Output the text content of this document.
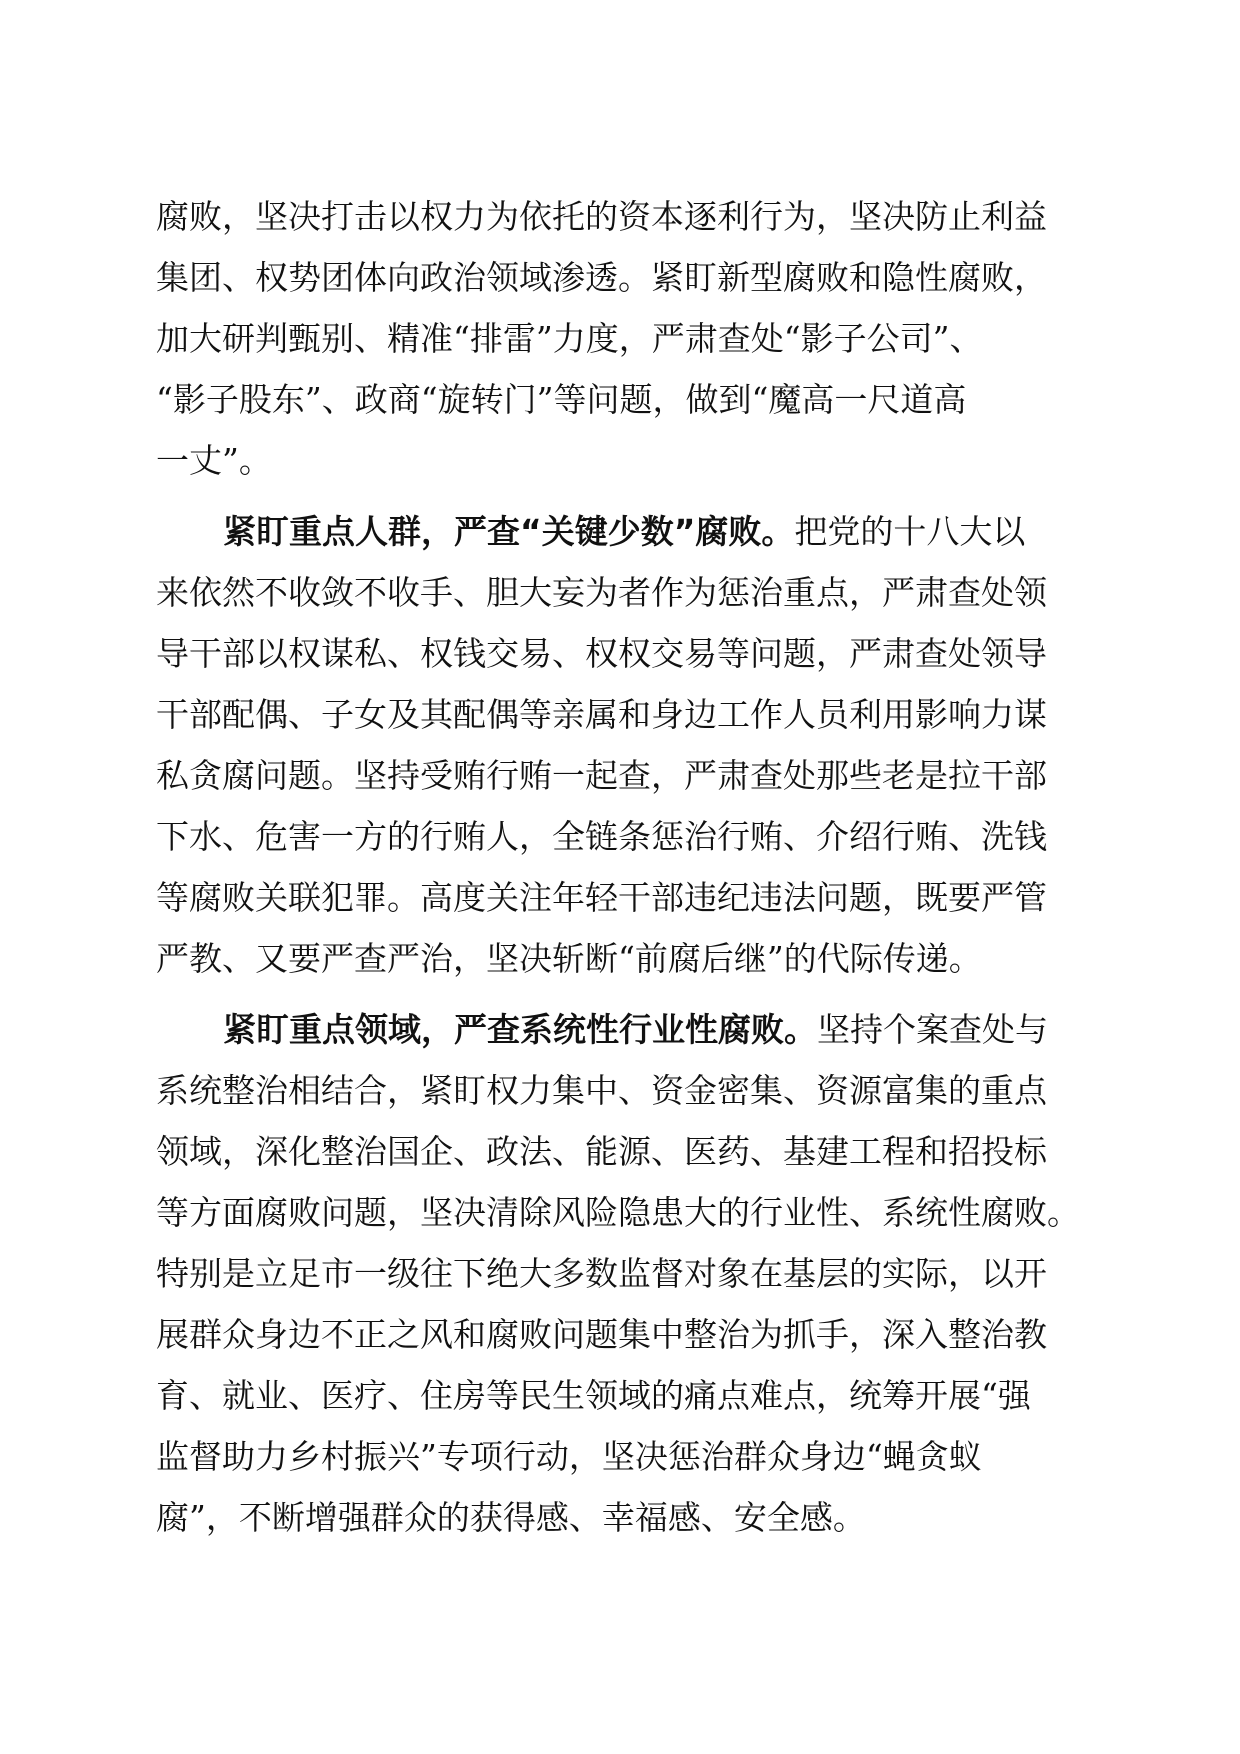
腐败，坚决打击以权力为依托的资本逐利行为，坚决防止利益
集团、权势团体向政治领域渗透。紧盯新型腐败和隐性腐败，
加大研判甄别、精准“排雷”力度，严肃查处“影子公司”、
“影子股东”、政商“旋转门”等问题，做到“魔高一尺道高
一丈”。
紧盯重点人群，严查“关键少数”腐败。把党的十八大以
来依然不收敛不收手、胆大妄为者作为惩治重点，严肃查处领
导干部以权谋私、权钱交易、权权交易等问题，严肃查处领导
干部配偶、子女及其配偶等亲属和身边工作人员利用影响力谋
私贪腐问题。坚持受贿行贿一起查，严肃查处那些老是拉干部
下水、危害一方的行贿人，全链条惩治行贿、介绍行贿、洗钱
等腐败关联犯罪。高度关注年轻干部违纪违法问题，既要严管
严教、又要严查严治，坚决斩断“前腐后继”的代际传递。
紧盯重点领域，严查系统性行业性腐败。坚持个案查处与
系统整治相结合，紧盯权力集中、资金密集、资源富集的重点
领域，深化整治国企、政法、能源、医药、基建工程和招投标
等方面腐败问题，坚决清除风险隐患大的行业性、系统性腐败。
特别是立足市一级往下绝大多数监督对象在基层的实际，以开
展群众身边不正之风和腐败问题集中整治为抓手，深入整治教
育、就业、医疗、住房等民生领域的痛点难点，统筹开展“强
监督助力乡村振兴”专项行动，坚决惩治群众身边“蝇贪蚁
腐”，不断增强群众的获得感、幸福感、安全感。
